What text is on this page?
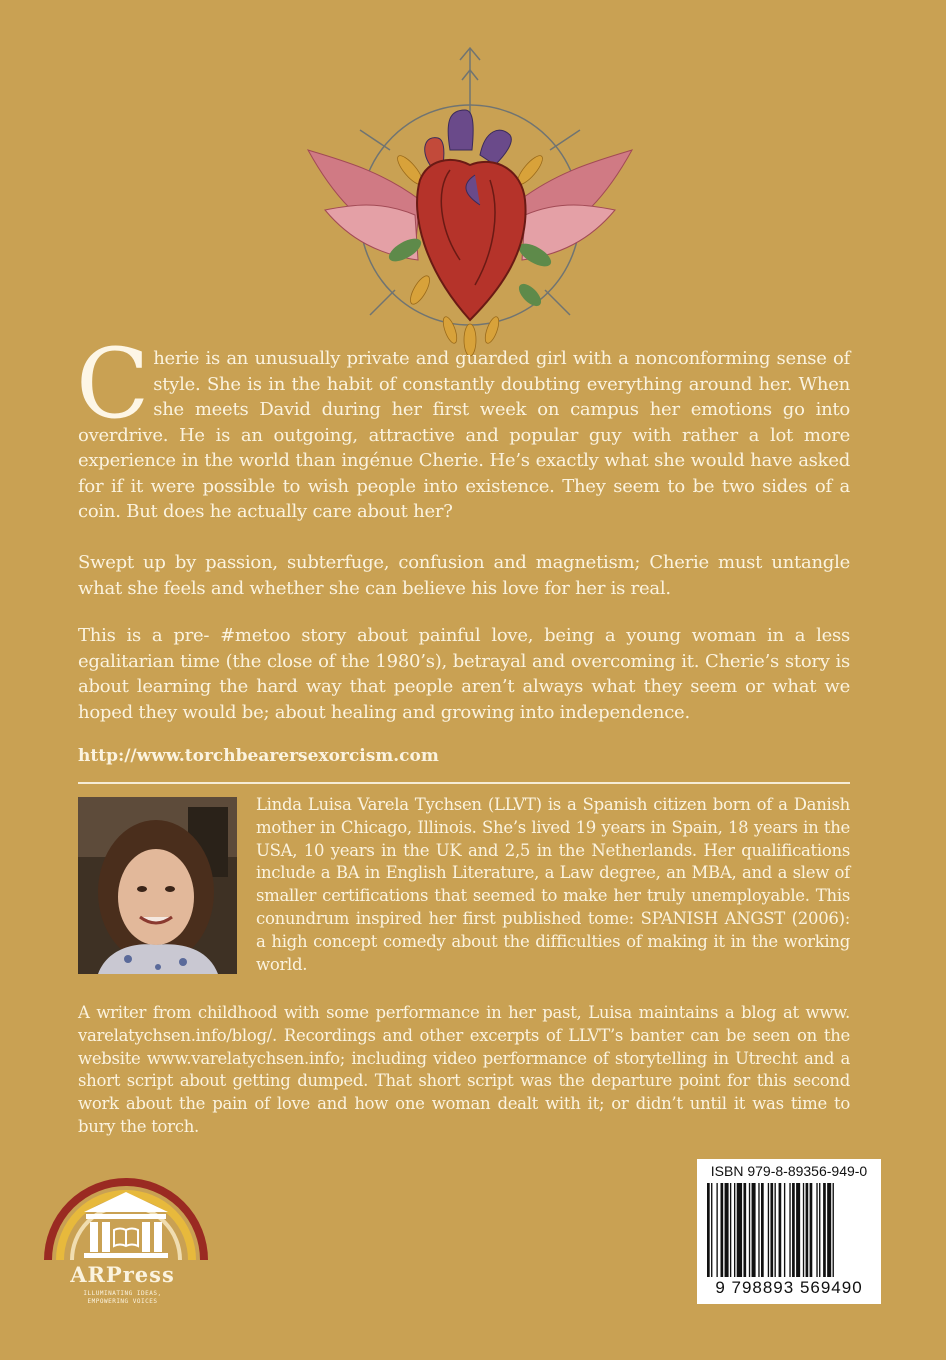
Cherie is an unusually private and guarded girl with a nonconforming sense of style. She is in the habit of constantly doubting everything around her. When she meets David during her first week on campus her emotions go into overdrive. He is an outgoing, attractive and popular guy with rather a lot more experience in the world than ingénue Cherie. He’s exactly what she would have asked for if it were possible to wish people into existence. They seem to be two sides of a coin. But does he actually care about her?

Swept up by passion, subterfuge, confusion and magnetism; Cherie must untangle what she feels and whether she can believe his love for her is real.

This is a pre- #metoo story about painful love, being a young woman in a less egalitarian time (the close of the 1980’s), betrayal and overcoming it. Cherie’s story is about learning the hard way that people aren’t always what they seem or what we hoped they would be; about healing and growing into independence.

http://www.torchbearersexorcism.com

Linda Luisa Varela Tychsen (LLVT) is a Spanish citizen born of a Danish mother in Chicago, Illinois. She’s lived 19 years in Spain, 18 years in the USA, 10 years in the UK and 2,5 in the Netherlands. Her qualifications include a BA in English Literature, a Law degree, an MBA, and a slew of smaller certifications that seemed to make her truly unemployable. This conundrum inspired her first published tome: SPANISH ANGST (2006): a high concept comedy about the difficulties of making it in the working world.

A writer from childhood with some performance in her past, Luisa maintains a blog at www. varelatychsen.info/blog/. Recordings and other excerpts of LLVT’s banter can be seen on the website www.varelatychsen.info; including video performance of storytelling in Utrecht and a short script about getting dumped. That short script was the departure point for this second work about the pain of love and how one woman dealt with it; or didn’t until it was time to bury the torch.

ARPress
ILLUMINATING IDEAS,
EMPOWERING VOICES
ISBN 979-8-89356-949-0
9 798893 569490
